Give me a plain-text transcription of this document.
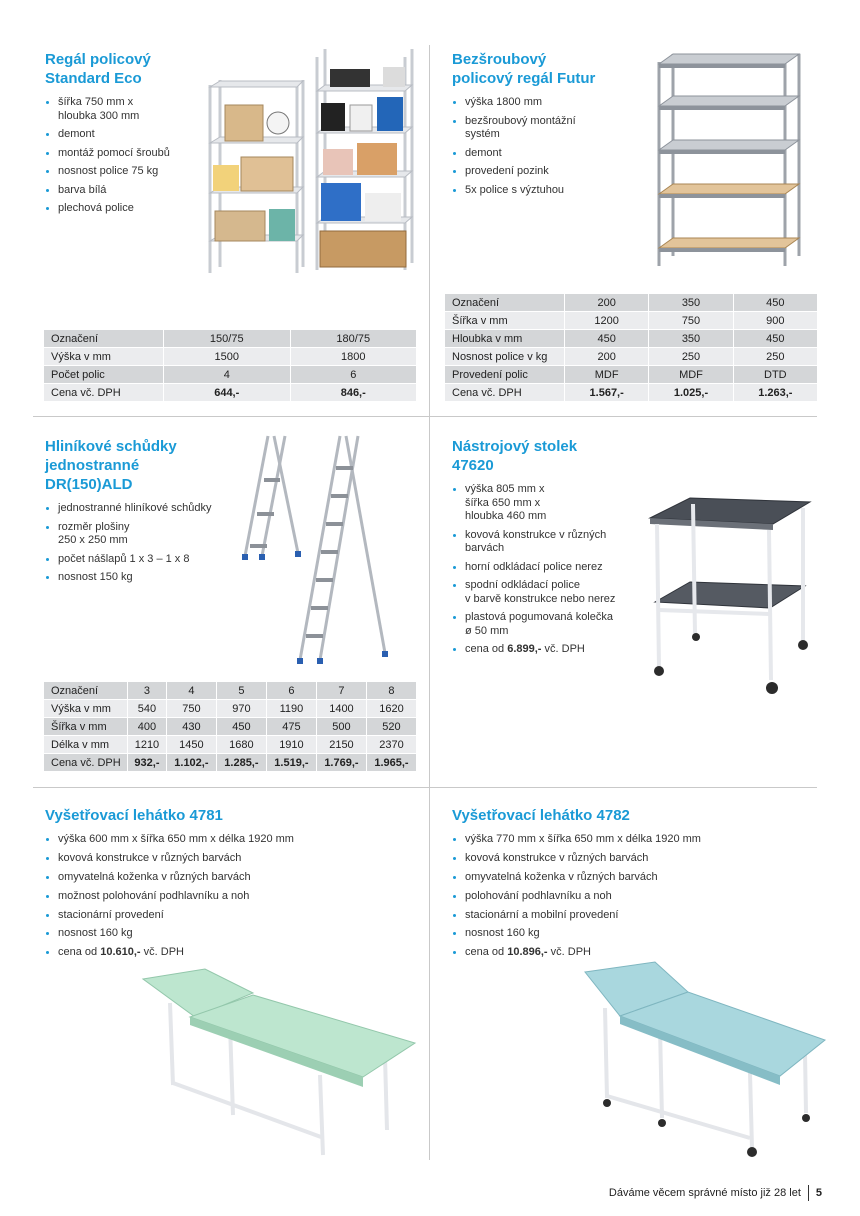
Regál policový
Standard Eco
šířka 750 mm x
hloubka 300 mm
demont
montáž pomocí šroubů
nosnost police 75 kg
barva bílá
plechová police
Označení	150/75	180/75
Výška v mm	1500	1800
Počet polic	4	6
Cena vč. DPH	644,-	846,-
Bezšroubový
policový regál Futur
výška 1800 mm
bezšroubový montážní
systém
demont
provedení pozink
5x police s výztuhou
Označení	200	350	450
Šířka v mm	1200	750	900
Hloubka v mm	450	350	450
Nosnost police v kg	200	250	250
Provedení polic	MDF	MDF	DTD
Cena vč. DPH	1.567,-	1.025,-	1.263,-
Hliníkové schůdky
jednostranné
DR(150)ALD
jednostranné hliníkové schůdky
rozměr plošiny
250 x 250 mm
počet nášlapů 1 x 3 – 1 x 8
nosnost 150 kg
Označení	3	4	5	6	7	8
Výška v mm	540	750	970	1190	1400	1620
Šířka v mm	400	430	450	475	500	520
Délka v mm	1210	1450	1680	1910	2150	2370
Cena vč. DPH	932,-	1.102,-	1.285,-	1.519,-	1.769,-	1.965,-
Nástrojový stolek
47620
výška 805 mm x
šířka 650 mm x
hloubka 460 mm
kovová konstrukce v různých
barvách
horní odkládací police nerez
spodní odkládací police
v barvě konstrukce nebo nerez
plastová pogumovaná kolečka
ø 50 mm
cena od 6.899,- vč. DPH
Vyšetřovací lehátko 4781
výška 600 mm x šířka 650 mm x délka 1920 mm
kovová konstrukce v různých barvách
omyvatelná koženka v různých barvách
možnost polohování podhlavníku a noh
stacionární provedení
nosnost 160 kg
cena od 10.610,- vč. DPH
Vyšetřovací lehátko 4782
výška 770 mm x šířka 650 mm x délka 1920 mm
kovová konstrukce v různých barvách
omyvatelná koženka v různých barvách
polohování podhlavníku a noh
stacionární a mobilní provedení
nosnost 160 kg
cena od 10.896,- vč. DPH
Dáváme věcem správné místo již 28 let 5
